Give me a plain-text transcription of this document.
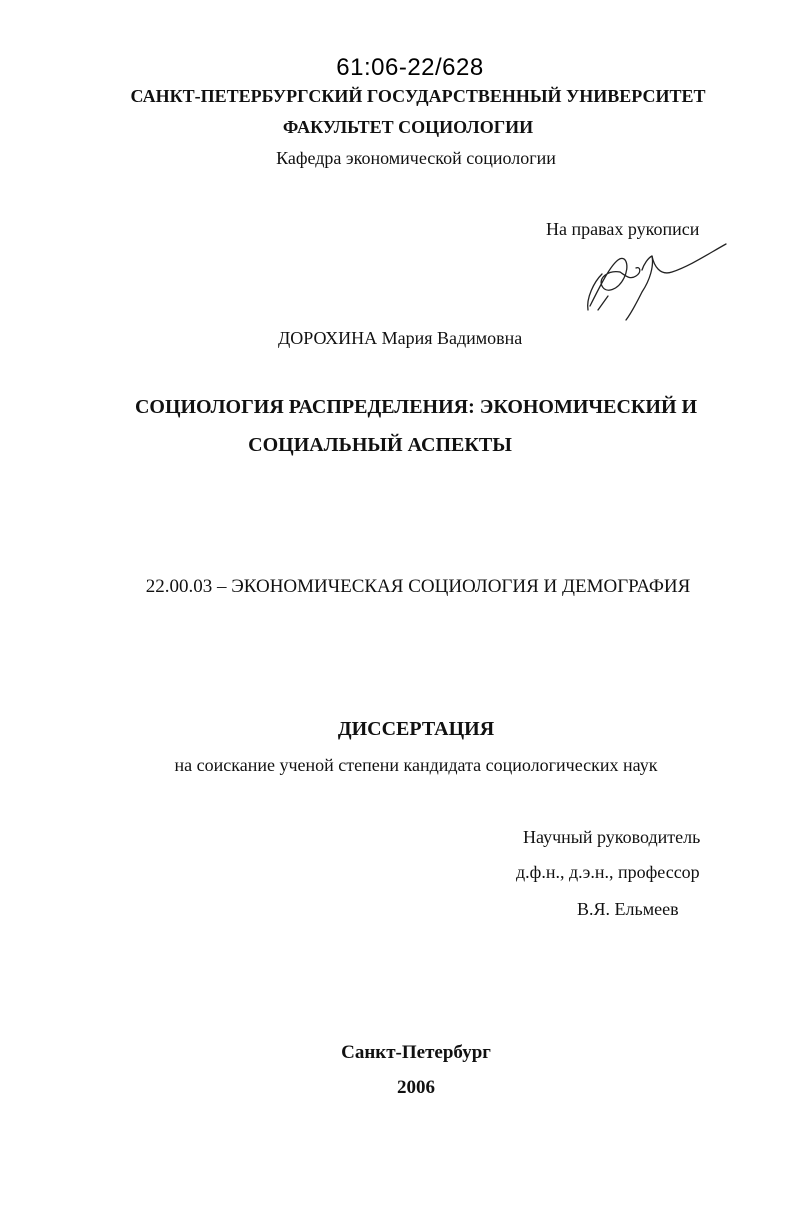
61:06-22/628
САНКТ-ПЕТЕРБУРГСКИЙ ГОСУДАРСТВЕННЫЙ УНИВЕРСИТЕТ
ФАКУЛЬТЕТ СОЦИОЛОГИИ
Кафедра экономической социологии
На правах рукописи
ДОРОХИНА Мария Вадимовна
СОЦИОЛОГИЯ РАСПРЕДЕЛЕНИЯ: ЭКОНОМИЧЕСКИЙ И
СОЦИАЛЬНЫЙ АСПЕКТЫ
22.00.03 – ЭКОНОМИЧЕСКАЯ СОЦИОЛОГИЯ И ДЕМОГРАФИЯ
ДИССЕРТАЦИЯ
на соискание ученой степени кандидата социологических наук
Научный руководитель
д.ф.н., д.э.н., профессор
В.Я. Ельмеев
Санкт-Петербург
2006
